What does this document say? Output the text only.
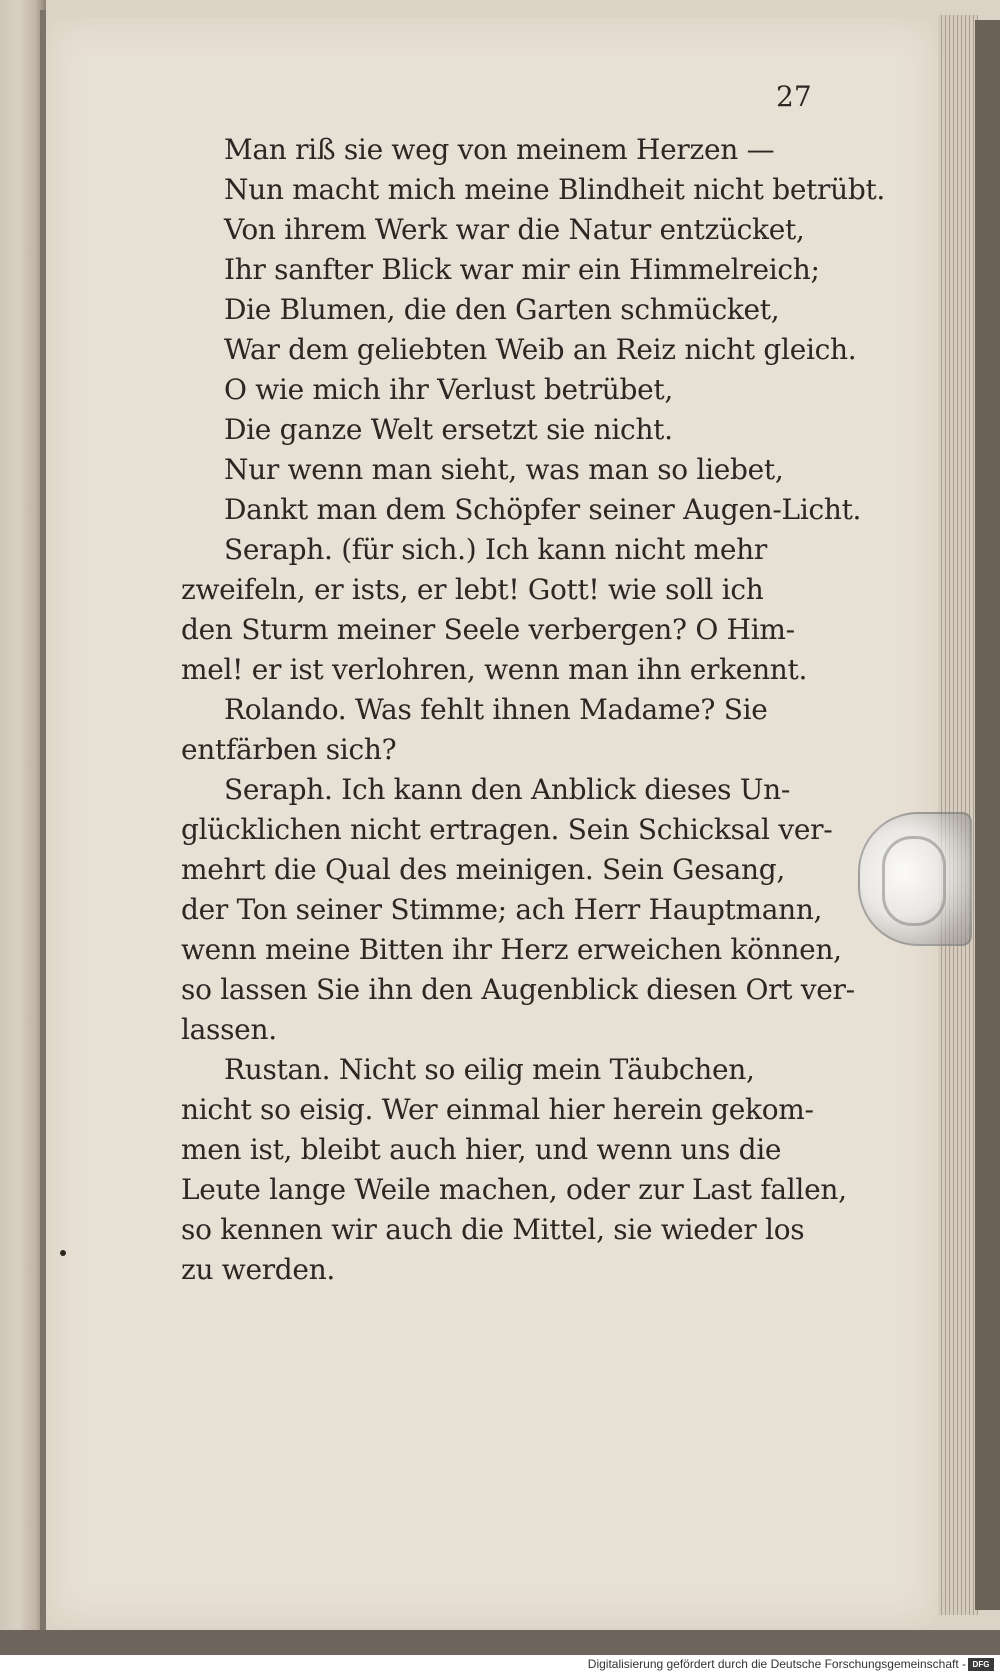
27
Man riß sie weg von meinem Herzen —
Nun macht mich meine Blindheit nicht betrübt.
Von ihrem Werk war die Natur entzücket,
Ihr sanfter Blick war mir ein Himmelreich;
Die Blumen, die den Garten schmücket,
War dem geliebten Weib an Reiz nicht gleich.
O wie mich ihr Verlust betrübet,
Die ganze Welt ersetzt sie nicht.
Nur wenn man sieht, was man so liebet,
Dankt man dem Schöpfer seiner Augen-Licht.
Seraph. (für sich.) Ich kann nicht mehr
zweifeln, er ists, er lebt! Gott! wie soll ich
den Sturm meiner Seele verbergen? O Him-
mel! er ist verlohren, wenn man ihn erkennt.
Rolando. Was fehlt ihnen Madame? Sie
entfärben sich?
Seraph. Ich kann den Anblick dieses Un-
glücklichen nicht ertragen. Sein Schicksal ver-
mehrt die Qual des meinigen. Sein Gesang,
der Ton seiner Stimme; ach Herr Hauptmann,
wenn meine Bitten ihr Herz erweichen können,
so lassen Sie ihn den Augenblick diesen Ort ver-
lassen.
Rustan. Nicht so eilig mein Täubchen,
nicht so eisig. Wer einmal hier herein gekom-
men ist, bleibt auch hier, und wenn uns die
Leute lange Weile machen, oder zur Last fallen,
so kennen wir auch die Mittel, sie wieder los
zu werden.
Digitalisierung gefördert durch die Deutsche Forschungsgemeinschaft - DFG
